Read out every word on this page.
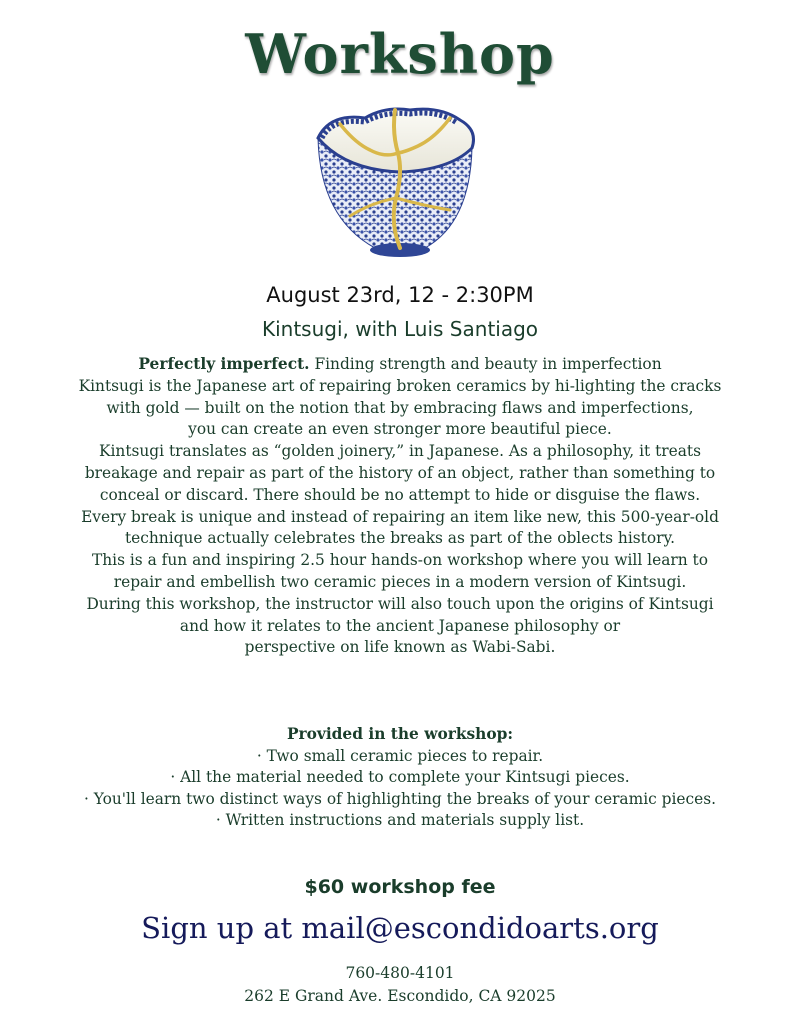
Workshop
August 23rd, 12 - 2:30PM
Kintsugi, with Luis Santiago

Perfectly imperfect. Finding strength and beauty in imperfection

Kintsugi is the Japanese art of repairing broken ceramics by hi-lighting the cracks

with gold — built on the notion that by embracing flaws and imperfections,

you can create an even stronger more beautiful piece.

Kintsugi translates as “golden joinery,” in Japanese. As a philosophy, it treats

breakage and repair as part of the history of an object, rather than something to

conceal or discard. There should be no attempt to hide or disguise the flaws.

Every break is unique and instead of repairing an item like new, this 500-year-old

technique actually celebrates the breaks as part of the oblects history.

This is a fun and inspiring 2.5 hour hands-on workshop where you will learn to

repair and embellish two ceramic pieces in a modern version of Kintsugi.

During this workshop, the instructor will also touch upon the origins of Kintsugi

and how it relates to the ancient Japanese philosophy or

perspective on life known as Wabi-Sabi.

Provided in the workshop:
· Two small ceramic pieces to repair.
· All the material needed to complete your Kintsugi pieces.
· You'll learn two distinct ways of highlighting the breaks of your ceramic pieces.
· Written instructions and materials supply list.
$60 workshop fee
Sign up at mail@escondidoarts.org
760-480-4101
262 E Grand Ave. Escondido, CA 92025
